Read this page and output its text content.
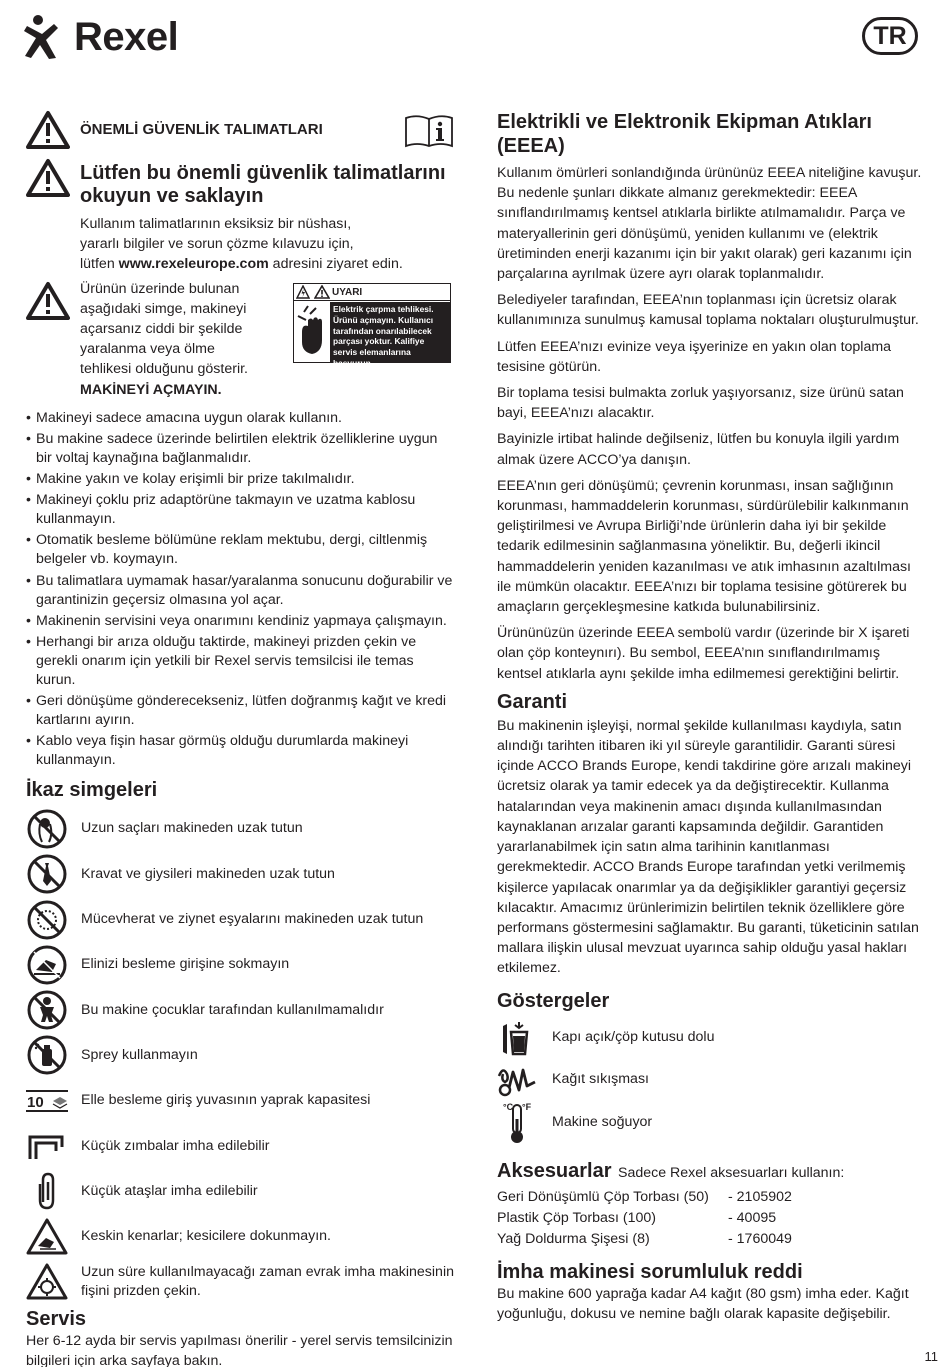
Rexel	TR
ÖNEMLİ GÜVENLİK TALIMATLARI
Lütfen bu önemli güvenlik talimatlarını okuyun ve saklayın
Kullanım talimatlarının eksiksiz bir nüshası,
yararlı bilgiler ve sorun çözme kılavuzu için,
lütfen www.rexeleurope.com adresini ziyaret edin.
Ürünün üzerinde bulunan
aşağıdaki simge, makineyi
açarsanız ciddi bir şekilde
yaralanma veya ölme
tehlikesi olduğunu gösterir.
MAKİNEYİ AÇMAYIN.
UYARI
Elektrik çarpma tehlikesi. Ürünü açmayın. Kullanıcı tarafından onarılabilecek parçası yoktur. Kalifiye servis elemanlarına başvurun.
• Makineyi sadece amacına uygun olarak kullanın.
• Bu makine sadece üzerinde belirtilen elektrik özelliklerine uygun bir voltaj kaynağına bağlanmalıdır.
• Makine yakın ve kolay erişimli bir prize takılmalıdır.
• Makineyi çoklu priz adaptörüne takmayın ve uzatma kablosu kullanmayın.
• Otomatik besleme bölümüne reklam mektubu, dergi, ciltlenmiş belgeler vb. koymayın.
• Bu talimatlara uymamak hasar/yaralanma sonucunu doğurabilir ve garantinizin geçersiz olmasına yol açar.
• Makinenin servisini veya onarımını kendiniz yapmaya çalışmayın.
• Herhangi bir arıza olduğu taktirde, makineyi prizden çekin ve gerekli onarım için yetkili bir Rexel servis temsilcisi ile temas kurun.
• Geri dönüşüme gönderecekseniz, lütfen doğranmış kağıt ve kredi kartlarını ayırın.
• Kablo veya fişin hasar görmüş olduğu durumlarda makineyi kullanmayın.
İkaz simgeleri
Uzun saçları makineden uzak tutun
Kravat ve giysileri makineden uzak tutun
Mücevherat ve ziynet eşyalarını makineden uzak tutun
Elinizi besleme girişine sokmayın
Bu makine çocuklar tarafından kullanılmamalıdır
Sprey kullanmayın
10	Elle besleme giriş yuvasının yaprak kapasitesi
Küçük zımbalar imha edilebilir
Küçük ataşlar imha edilebilir
Keskin kenarlar; kesicilere dokunmayın.
Uzun süre kullanılmayacağı zaman evrak imha makinesinin fişini prizden çekin.
Servis
Her 6-12 ayda bir servis yapılması önerilir - yerel servis temsilcinizin bilgileri için arka sayfaya bakın.
Elektrikli ve Elektronik Ekipman Atıkları (EEEA)

Kullanım ömürleri sonlandığında ürününüz EEEA niteliğine kavuşur. Bu nedenle şunları dikkate almanız gerekmektedir: EEEA sınıflandırılmamış kentsel atıklarla birlikte atılmamalıdır. Parça ve materyallerinin geri dönüşümü, yeniden kullanımı ve (elektrik üretiminden enerji kazanımı için bir yakıt olarak) geri kazanımı için parçalarına ayrılmak üzere ayrı olarak toplanmalıdır.

Belediyeler tarafından, EEEA’nın toplanması için ücretsiz olarak kullanımınıza sunulmuş kamusal toplama noktaları oluşturulmuştur.

Lütfen EEEA’nızı evinize veya işyerinize en yakın olan toplama tesisine götürün.

Bir toplama tesisi bulmakta zorluk yaşıyorsanız, size ürünü satan bayi, EEEA’nızı alacaktır.

Bayinizle irtibat halinde değilseniz, lütfen bu konuyla ilgili yardım almak üzere ACCO’ya danışın.

EEEA’nın geri dönüşümü; çevrenin korunması, insan sağlığının korunması, hammaddelerin korunması, sürdürülebilir kalkınmanın geliştirilmesi ve Avrupa Birliği’nde ürünlerin daha iyi bir şekilde tedarik edilmesinin sağlanmasına yöneliktir. Bu, değerli ikincil hammaddelerin yeniden kazanılması ve atık imhasının azaltılması ile mümkün olacaktır. EEEA’nızı bir toplama tesisine götürerek bu amaçların gerçekleşmesine katkıda bulunabilirsiniz.

Ürününüzün üzerinde EEEA sembolü vardır (üzerinde bir X işareti olan çöp konteynırı). Bu sembol, EEEA’nın sınıflandırılmamış kentsel atıklarla aynı şekilde imha edilmemesi gerektiğini belirtir.

Garanti

Bu makinenin işleyişi, normal şekilde kullanılması kaydıyla, satın alındığı tarihten itibaren iki yıl süreyle garantilidir. Garanti süresi içinde ACCO Brands Europe, kendi takdirine göre arızalı makineyi ücretsiz olarak ya tamir edecek ya da değiştirecektir. Kullanma hatalarından veya makinenin amacı dışında kullanılmasından kaynaklanan arızalar garanti kapsamında değildir. Garantiden yararlanabilmek için satın alma tarihinin kanıtlanması gerekmektedir. ACCO Brands Europe tarafından yetki verilmemiş kişilerce yapılacak onarımlar ya da değişiklikler garantiyi geçersiz kılacaktır. Amacımız ürünlerimizin belirtilen teknik özelliklere göre performans göstermesini sağlamaktır. Bu garanti, tüketicinin satılan mallara ilişkin ulusal mevzuat uyarınca sahip olduğu yasal hakları etkilemez.

Göstergeler
Kapı açık/çöp kutusu dolu
Kağıt sıkışması
°C °F
Makine soğuyor
Aksesuarlar Sadece Rexel aksesuarları kullanın:
Geri Dönüşümlü Çöp Torbası (50)	- 2105902
Plastik Çöp Torbası (100)	- 40095
Yağ Doldurma Şişesi (8)	- 1760049
İmha makinesi sorumluluk reddi

Bu makine 600 yaprağa kadar A4 kağıt (80 gsm) imha eder. Kağıt yoğunluğu, dokusu ve nemine bağlı olarak kapasite değişebilir.

11
